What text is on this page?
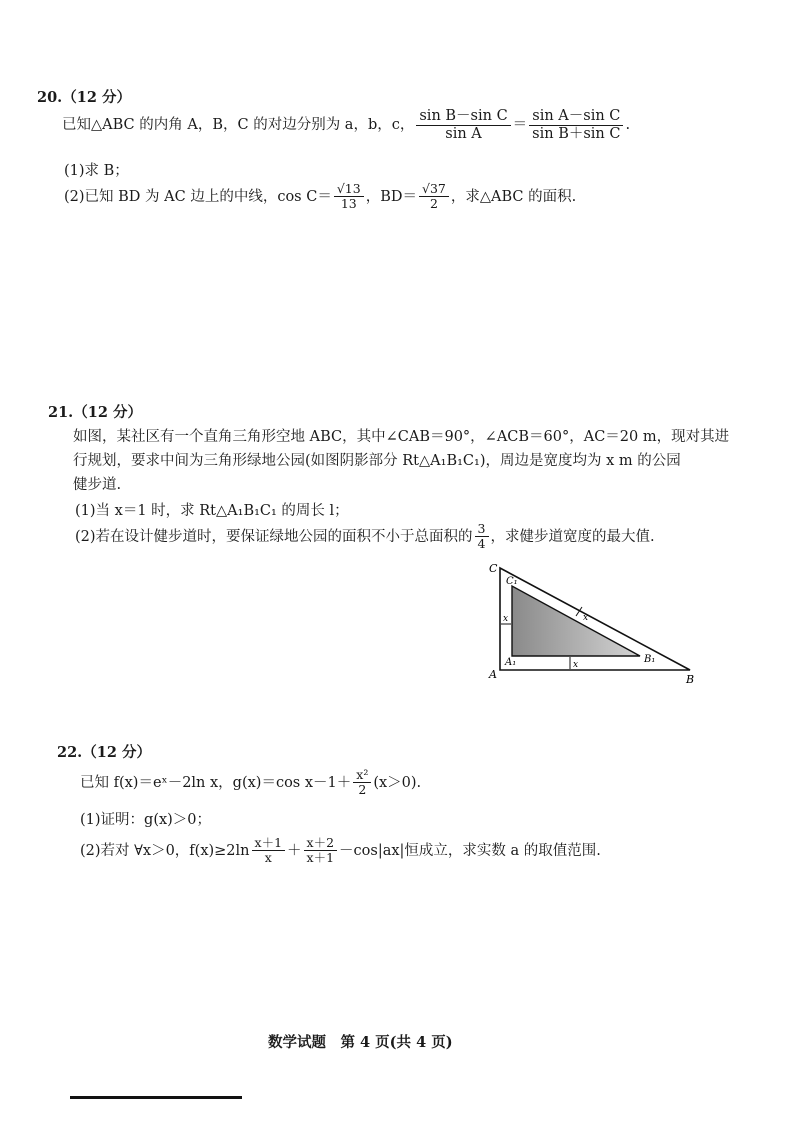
20.（12 分）
已知△ABC 的内角 A，B，C 的对边分别为 a，b，c， $\frac{\text{sin B－sin C}}{\text{sin A}} = \frac{\text{sin A－sin C}}{\text{sin B＋sin C}}$ .
(1)求 B；
(2)已知 BD 为 AC 边上的中线，$\cos C= \frac{√13}{13}$ ，$BD= \frac{√37}{2}$ ，求△ABC 的面积.
21.（12 分）
如图，某社区有一个直角三角形空地 ABC，其中∠CAB＝90°，∠ACB＝60°，AC＝20 m，现对其进
行规划，要求中间为三角形绿地公园(如图阴影部分 Rt△A₁B₁C₁)，周边是宽度均为 x m 的公园
健步道.
(1)当 x＝1 时，求 Rt△A₁B₁C₁ 的周长 l；
(2)若在设计健步道时，要保证绿地公园的面积不小于总面积的 $\frac{3}{4}$ ，求健步道宽度的最大值.
C
C₁
A
A₁
B
B₁
x
x
x
22.（12 分）
已知 f(x)＝eˣ－2ln x，g(x)＝cos $x-1+ \frac{\text{x²}}{2} (x>0)$.
(1)证明：g(x)＞0；
(2)若对 ∀x＞0，$f(x)\ge 2\ln \frac{x+1}{x} + \frac{x+2}{x+1} -\cos|ax|$恒成立，求实数 a 的取值范围.
数学试题　第 4 页(共 4 页)
